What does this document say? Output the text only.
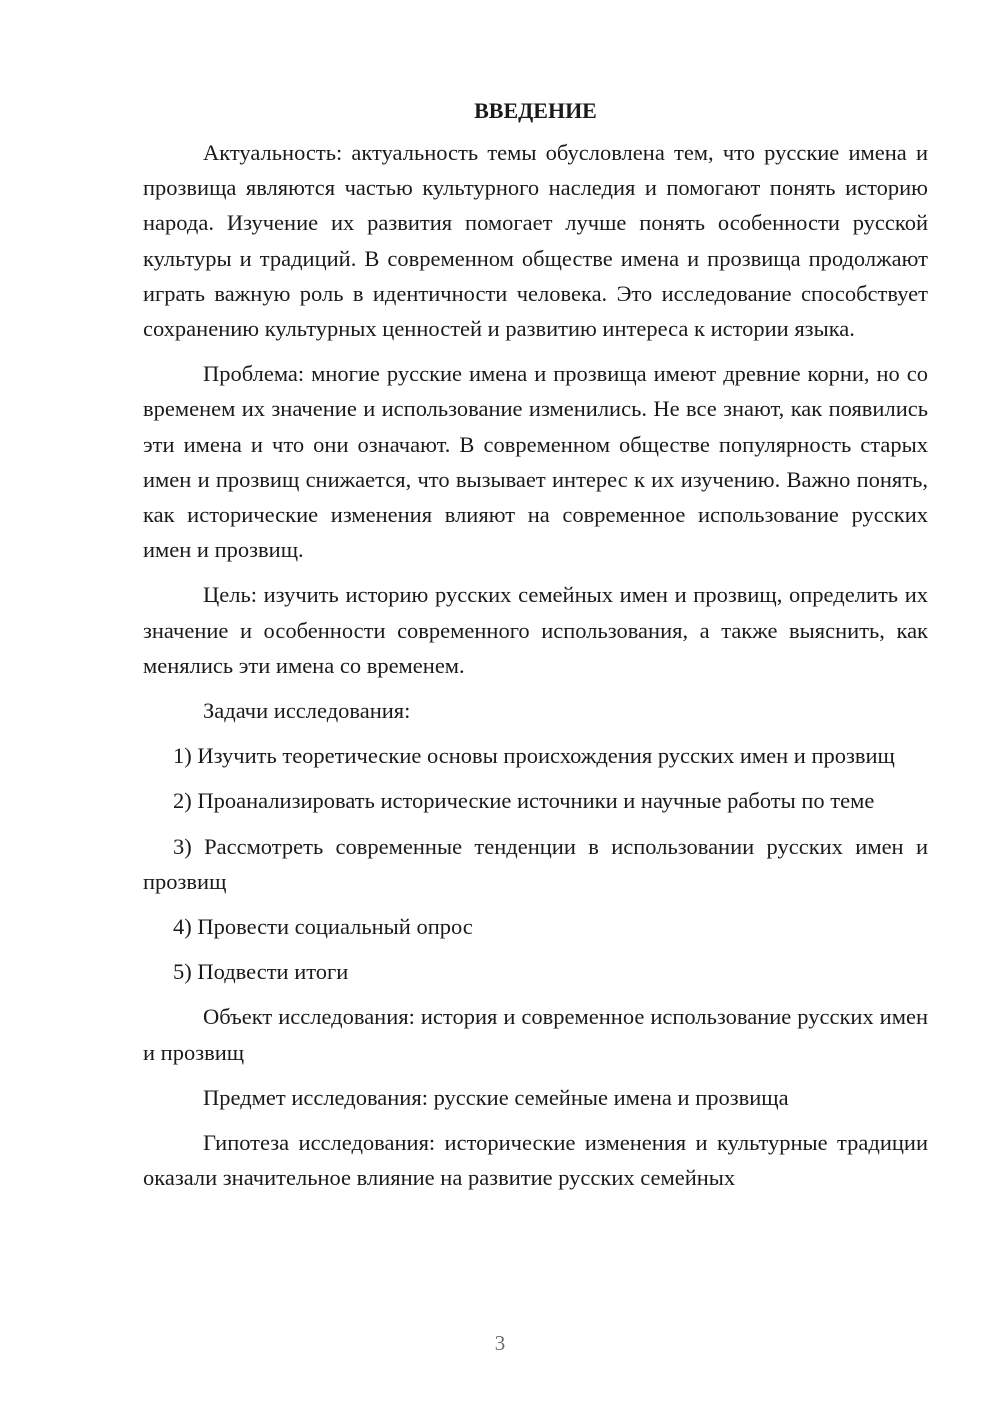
ВВЕДЕНИЕ

Актуальность: актуальность темы обусловлена тем, что русские имена и прозвища являются частью культурного наследия и помогают понять историю народа. Изучение их развития помогает лучше понять особенности русской культуры и традиций. В современном обществе имена и прозвища продолжают играть важную роль в идентичности человека. Это исследование способствует сохранению культурных ценностей и развитию интереса к истории языка.

Проблема: многие русские имена и прозвища имеют древние корни, но со временем их значение и использование изменились. Не все знают, как появились эти имена и что они означают. В современном обществе популярность старых имен и прозвищ снижается, что вызывает интерес к их изучению. Важно понять, как исторические изменения влияют на современное использование русских имен и прозвищ.

Цель: изучить историю русских семейных имен и прозвищ, определить их значение и особенности современного использования, а также выяснить, как менялись эти имена со временем.

Задачи исследования:

1) Изучить теоретические основы происхождения русских имен и прозвищ

2) Проанализировать исторические источники и научные работы по теме

3) Рассмотреть современные тенденции в использовании русских имен и прозвищ

4) Провести социальный опрос

5) Подвести итоги

Объект исследования: история и современное использование русских имен и прозвищ

Предмет исследования: русские семейные имена и прозвища

Гипотеза исследования: исторические изменения и культурные традиции оказали значительное влияние на развитие русских семейных

3
